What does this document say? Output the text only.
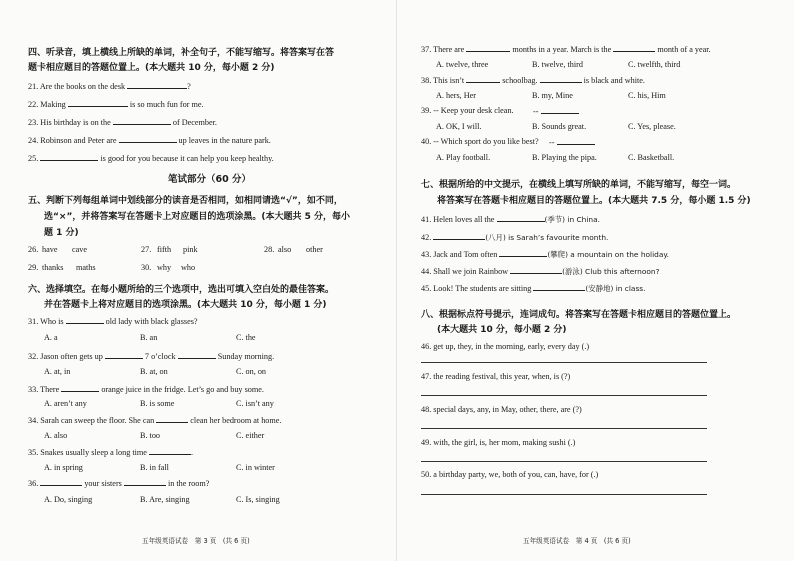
四、听录音，填上横线上所缺的单词，补全句子，不能写缩写。将答案写在答
题卡相应题目的答题位置上。(本大题共 10 分，每小题 2 分)
21. Are the books on the desk	?
22. Making	is so much fun for me.
23. His birthday is on the	of December.
24. Robinson and Peter are	up leaves in the nature park.
25.	is good for you because it can help you keep healthy.
笔试部分（60 分）
五、判断下列每组单词中划线部分的读音是否相同，如相同请选“√”，如不同，
选“×”，并将答案写在答题卡上对应题目的选项涂黑。(本大题共 5 分，每小
题 1 分)
26. have cave	27. fifth pink	28. also other
29. thanks maths	30. why who
六、选择填空。在每小题所给的三个选项中，选出可填入空白处的最佳答案。
并在答题卡上将对应题目的选项涂黑。(本大题共 10 分，每小题 1 分)
31. Who is	old lady with black glasses?
A. a	B. an	C. the
32. Jason often gets up	7 o’clock	Sunday morning.
A. at, in	B. at, on	C. on, on
33. There	orange juice in the fridge. Let’s go and buy some.
A. aren’t any	B. is some	C. isn’t any
34. Sarah can sweep the floor. She can	clean her bedroom at home.
A. also	B. too	C. either
35. Snakes usually sleep a long time	.
A. in spring	B. in fall	C. in winter
36.	your sisters	in the room?
A. Do, singing	B. Are, singing	C. Is, singing
五年级英语试卷　第 3 页　(共 6 页)
37. There are	months in a year. March is the	month of a year.
A. twelve, three	B. twelve, third	C. twelfth, third
38. This isn’t	schoolbag.	is black and white.
A. hers, Her	B. my, Mine	C. his, Him
39. -- Keep your desk clean. --
A. OK, I will.	B. Sounds great.	C. Yes, please.
40. -- Which sport do you like best? --
A. Play football.	B. Playing the pipa.	C. Basketball.
七、根据所给的中文提示，在横线上填写所缺的单词，不能写缩写，每空一词。
将答案写在答题卡相应题目的答题位置上。(本大题共 7.5 分，每小题 1.5 分)
41. Helen loves all the	(季节) in China.
42.	(八月) is Sarah’s favourite month.
43. Jack and Tom often	(攀爬) a mountain on the holiday.
44. Shall we join Rainbow	(游泳) Club this afternoon?
45. Look! The students are sitting	(安静地) in class.
八、根据标点符号提示，连词成句。将答案写在答题卡相应题目的答题位置上。
(本大题共 10 分，每小题 2 分)
46. get up, they, in the morning, early, every day (.)
47. the reading festival, this year, when, is (?)
48. special days, any, in May, other, there, are (?)
49. with, the girl, is, her mom, making sushi (.)
50. a birthday party, we, both of you, can, have, for (.)
五年级英语试卷　第 4 页　(共 6 页)
